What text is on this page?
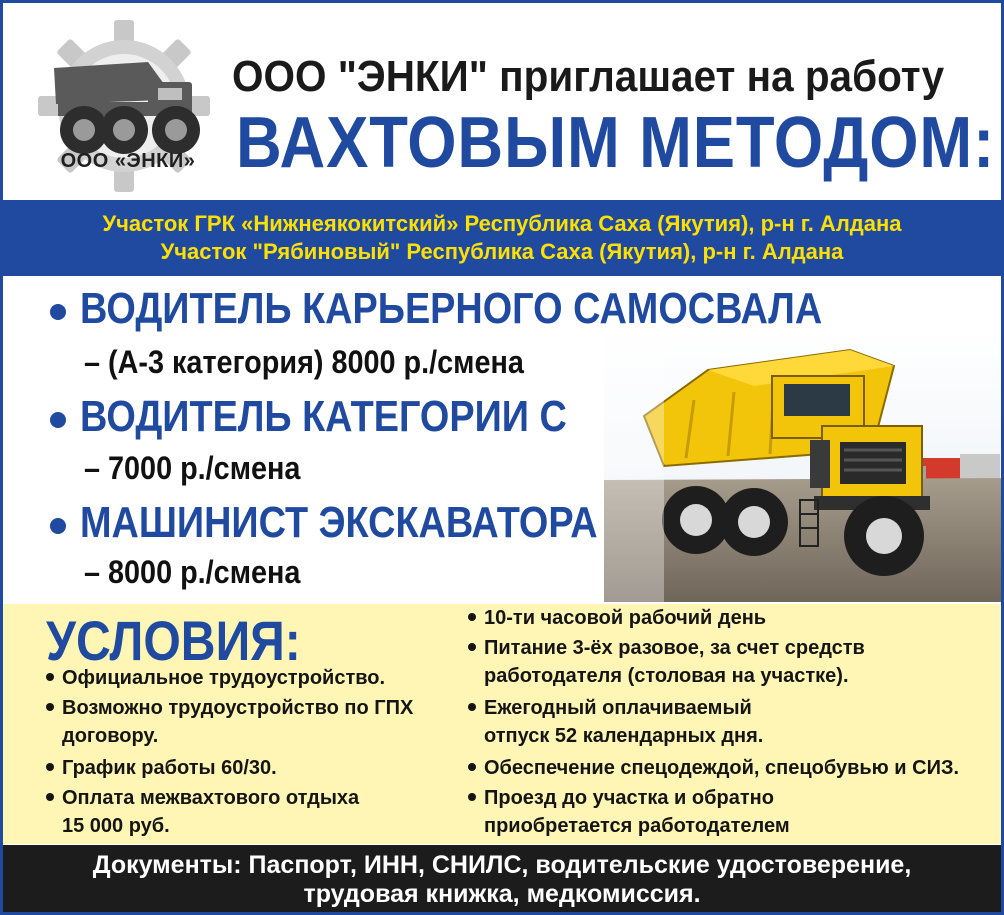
ООО «ЭНКИ»
ООО "ЭНКИ" приглашает на работу
ВАХТОВЫМ МЕТОДОМ:
Участок ГРК «Нижнеякокитский» Республика Саха (Якутия), р-н г. Алдана
Участок "Рябиновый" Республика Саха (Якутия), р-н г. Алдана
ВОДИТЕЛЬ КАРЬЕРНОГО САМОСВАЛА
– (А-3 категория) 8000 р./смена
ВОДИТЕЛЬ КАТЕГОРИИ С
– 7000 р./смена
МАШИНИСТ ЭКСКАВАТОРА
– 8000 р./смена
УСЛОВИЯ:
Официальное трудоустройство.
Возможно трудоустройство по ГПХ
договору.
График работы 60/30.
Оплата межвахтового отдыха
15 000 руб.
10-ти часовой рабочий день
Питание 3-ёх разовое, за счет средств
работодателя (столовая на участке).
Ежегодный оплачиваемый
отпуск 52 календарных дня.
Обеспечение спецодеждой, спецобувью и СИЗ.
Проезд до участка и обратно
приобретается работодателем
Документы: Паспорт, ИНН, СНИЛС, водительские удостоверение,
трудовая книжка, медкомиссия.
